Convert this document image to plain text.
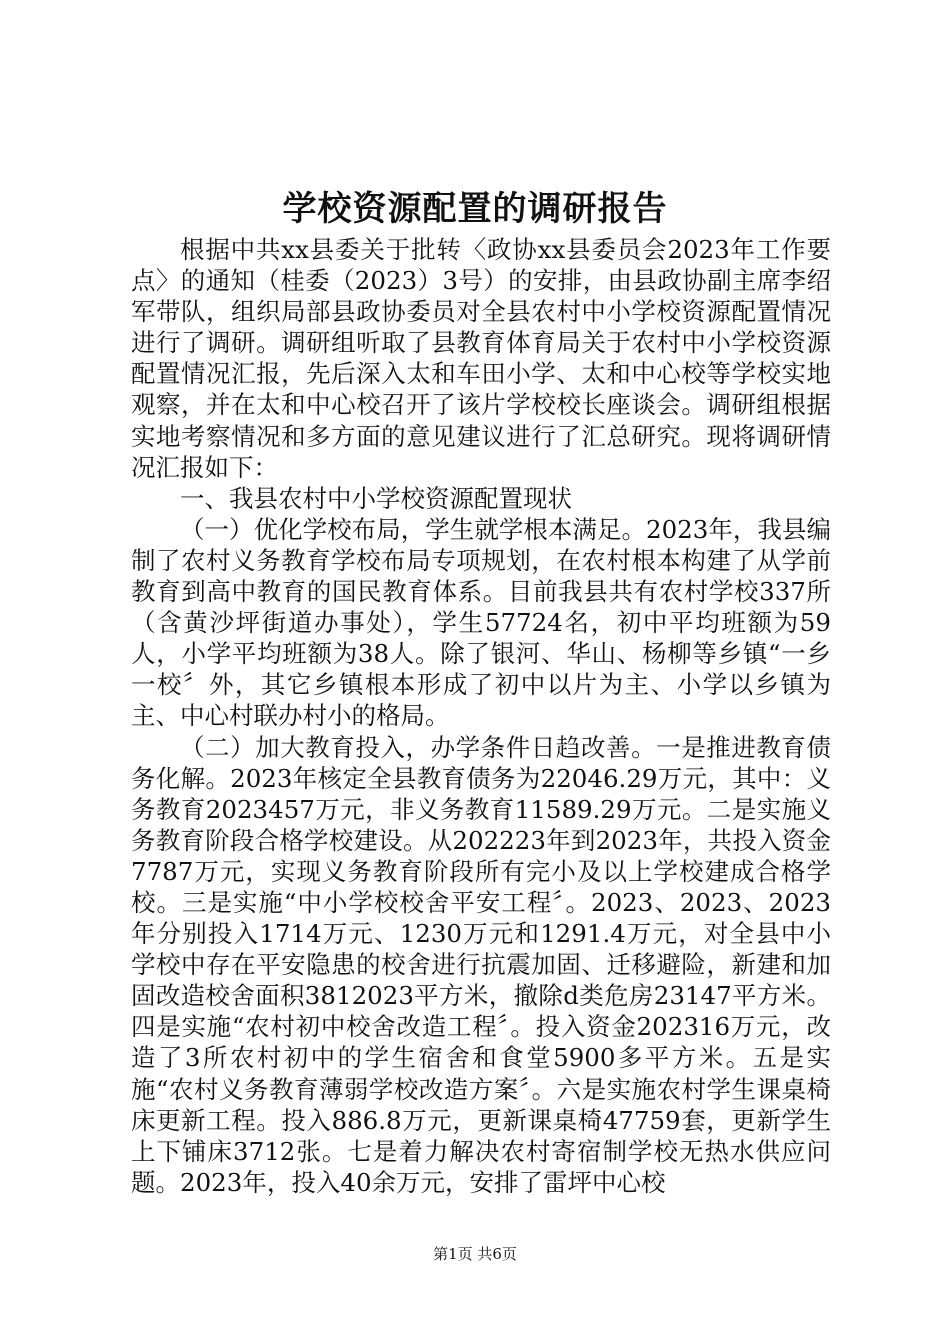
学校资源配置的调研报告

根据中共xx县委关于批转〈政协xx县委员会2023年工作要点〉的通知（桂委（2023）3号）的安排，由县政协副主席李绍军带队，组织局部县政协委员对全县农村中小学校资源配置情况进行了调研。调研组听取了县教育体育局关于农村中小学校资源配置情况汇报，先后深入太和车田小学、太和中心校等学校实地观察，并在太和中心校召开了该片学校校长座谈会。调研组根据实地考察情况和多方面的意见建议进行了汇总研究。现将调研情况汇报如下：

一、我县农村中小学校资源配置现状

（一）优化学校布局，学生就学根本满足。2023年，我县编制了农村义务教育学校布局专项规划，在农村根本构建了从学前教育到高中教育的国民教育体系。目前我县共有农村学校337所（含黄沙坪街道办事处），学生57724名，初中平均班额为59人，小学平均班额为38人。除了银河、华山、杨柳等乡镇“一乡一校〞外，其它乡镇根本形成了初中以片为主、小学以乡镇为主、中心村联办村小的格局。

（二）加大教育投入，办学条件日趋改善。一是推进教育债务化解。2023年核定全县教育债务为22046.29万元，其中：义务教育2023457万元，非义务教育11589.29万元。二是实施义务教育阶段合格学校建设。从202223年到2023年，共投入资金7787万元，实现义务教育阶段所有完小及以上学校建成合格学校。三是实施“中小学校校舍平安工程〞。2023、2023、2023年分别投入1714万元、1230万元和1291.4万元，对全县中小学校中存在平安隐患的校舍进行抗震加固、迁移避险，新建和加固改造校舍面积3812023平方米，撤除d类危房23147平方米。四是实施“农村初中校舍改造工程〞。投入资金202316万元，改造了3所农村初中的学生宿舍和食堂5900多平方米。五是实施“农村义务教育薄弱学校改造方案〞。六是实施农村学生课桌椅床更新工程。投入886.8万元，更新课桌椅47759套，更新学生上下铺床3712张。七是着力解决农村寄宿制学校无热水供应问题。2023年，投入40余万元，安排了雷坪中心校

第1页 共6页
